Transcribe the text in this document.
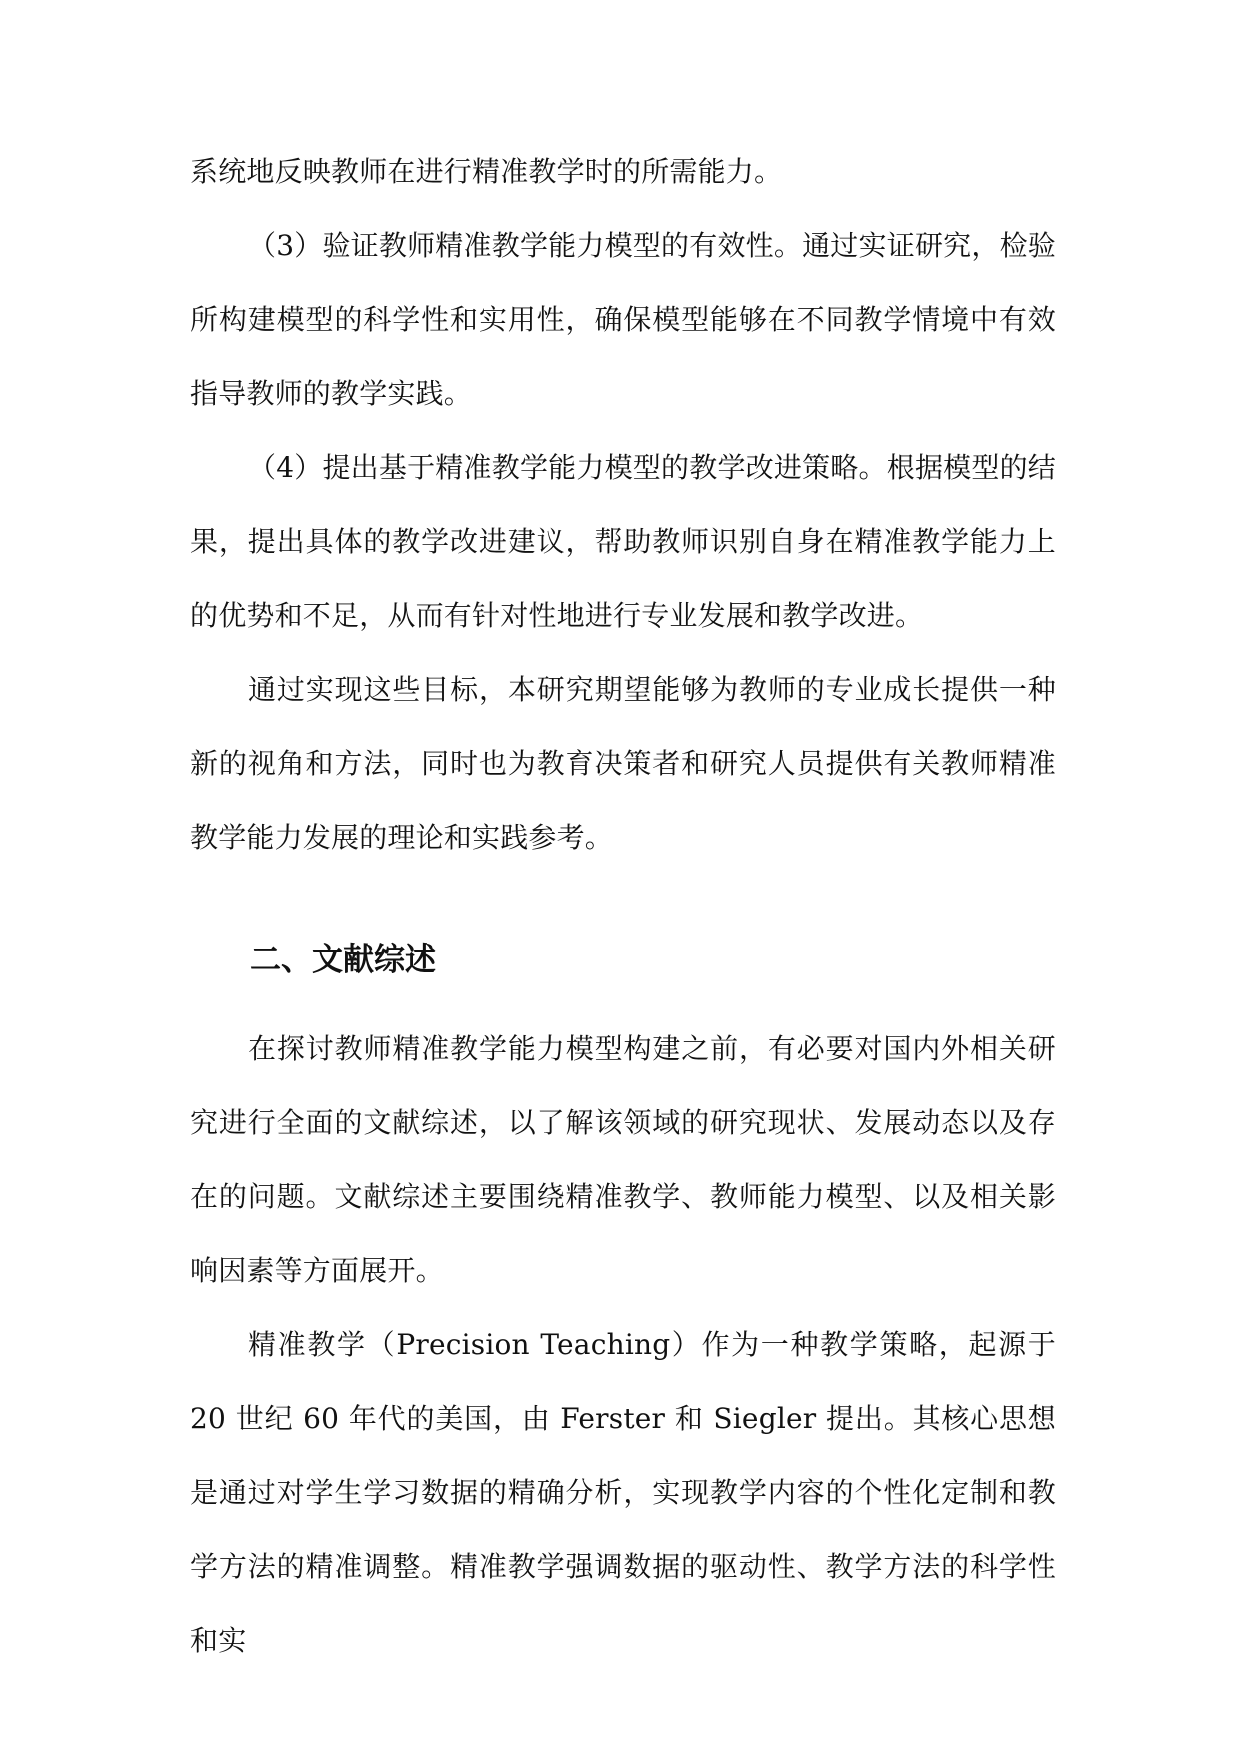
系统地反映教师在进行精准教学时的所需能力。

（3）验证教师精准教学能力模型的有效性。通过实证研究，检验所构建模型的科学性和实用性，确保模型能够在不同教学情境中有效指导教师的教学实践。

（4）提出基于精准教学能力模型的教学改进策略。根据模型的结果，提出具体的教学改进建议，帮助教师识别自身在精准教学能力上的优势和不足，从而有针对性地进行专业发展和教学改进。

通过实现这些目标，本研究期望能够为教师的专业成长提供一种新的视角和方法，同时也为教育决策者和研究人员提供有关教师精准教学能力发展的理论和实践参考。

二、文献综述

在探讨教师精准教学能力模型构建之前，有必要对国内外相关研究进行全面的文献综述，以了解该领域的研究现状、发展动态以及存在的问题。文献综述主要围绕精准教学、教师能力模型、以及相关影响因素等方面展开。

精准教学（Precision Teaching）作为一种教学策略，起源于 20 世纪 60 年代的美国，由 Ferster 和 Siegler 提出。其核心思想是通过对学生学习数据的精确分析，实现教学内容的个性化定制和教学方法的精准调整。精准教学强调数据的驱动性、教学方法的科学性和实
